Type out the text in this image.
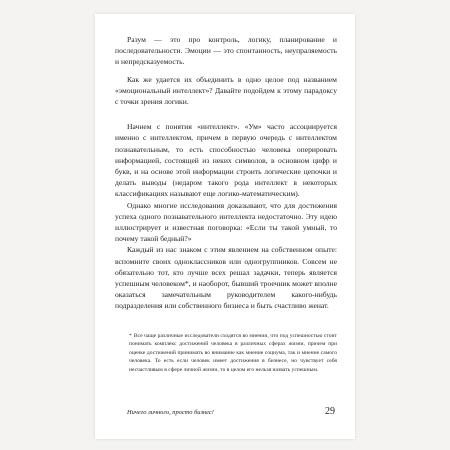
Разум — это про контроль, логику, планирование и последовательности. Эмоции — это спонтанность, неупраляемость и непредсказуемость.

Как же удается их объединить в одно целое под названием «эмоциональный интеллект»? Давайте подойдем к этому парадоксу с точки зрения логики.

Начнем с понятия «интеллект». «Ум» часто ассоциируется именно с интеллектом, причем в первую очередь с интеллектом познавательным, то есть способностью человека оперировать информацией, состоящей из неких символов, в основном цифр и букв, и на основе этой информации строить логические цепочки и делать выводы (недаром такого рода интеллект в некоторых классификациях называют еще логико-математическим).

Однако многие исследования доказывают, что для достижения успеха одного познавательного интеллекта недостаточно. Эту идею иллюстрирует и известная поговорка: «Если ты такой умный, то почему такой бедный?»

Каждый из нас знаком с этим явлением на собственном опыте: вспомните своих одноклассников или одногруппников. Совсем не обязательно тот, кто лучше всех решал задачки, теперь является успешным человеком*, и наоборот, бывший троечник может вполне оказаться замечательным руководителем какого-нибудь подразделения или собственного бизнеса и быть счастливо женат.

* Все чаще различные исследователи сходятся во мнении, что под успешностью стоит понимать комплекс достижений человека в различных сферах жизни, причем при оценке достижений принимать во внимание как мнение социума, так и мнение самого человека. То есть если человек имеет достижения в бизнесе, но чувствует себя несчастливым в сфере личной жизни, то в целом его нельзя назвать успешным.
Ничего личного, просто бизнес!	29
